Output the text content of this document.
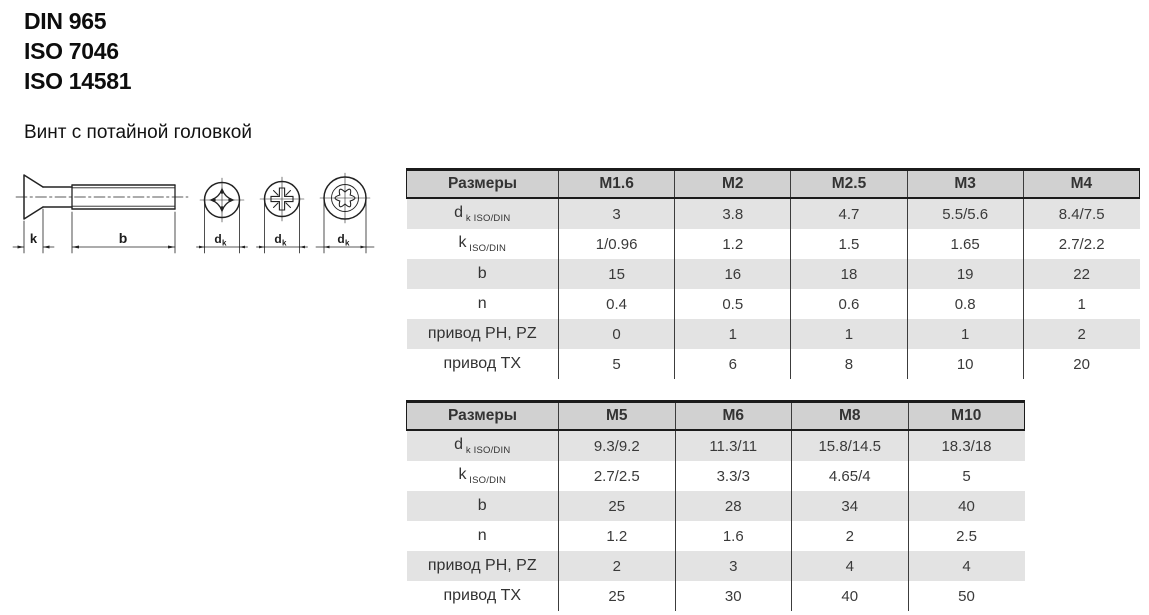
DIN 965
ISO 7046
ISO 14581
Винт с потайной головкой
k	b	d k	d k	d k
Размеры	M1.6	M2	M2.5	M3	M4
d $_{k ISO/DIN}$	3	3.8	4.7	5.5/5.6	8.4/7.5
k $_{ISO/DIN}$	1/0.96	1.2	1.5	1.65	2.7/2.2
b	15	16	18	19	22
n	0.4	0.5	0.6	0.8	1
привод PH, PZ	0	1	1	1	2
привод TX	5	6	8	10	20
Размеры	M5	M6	M8	M10
d $_{k ISO/DIN}$	9.3/9.2	11.3/11	15.8/14.5	18.3/18
k $_{ISO/DIN}$	2.7/2.5	3.3/3	4.65/4	5
b	25	28	34	40
n	1.2	1.6	2	2.5
привод PH, PZ	2	3	4	4
привод TX	25	30	40	50
